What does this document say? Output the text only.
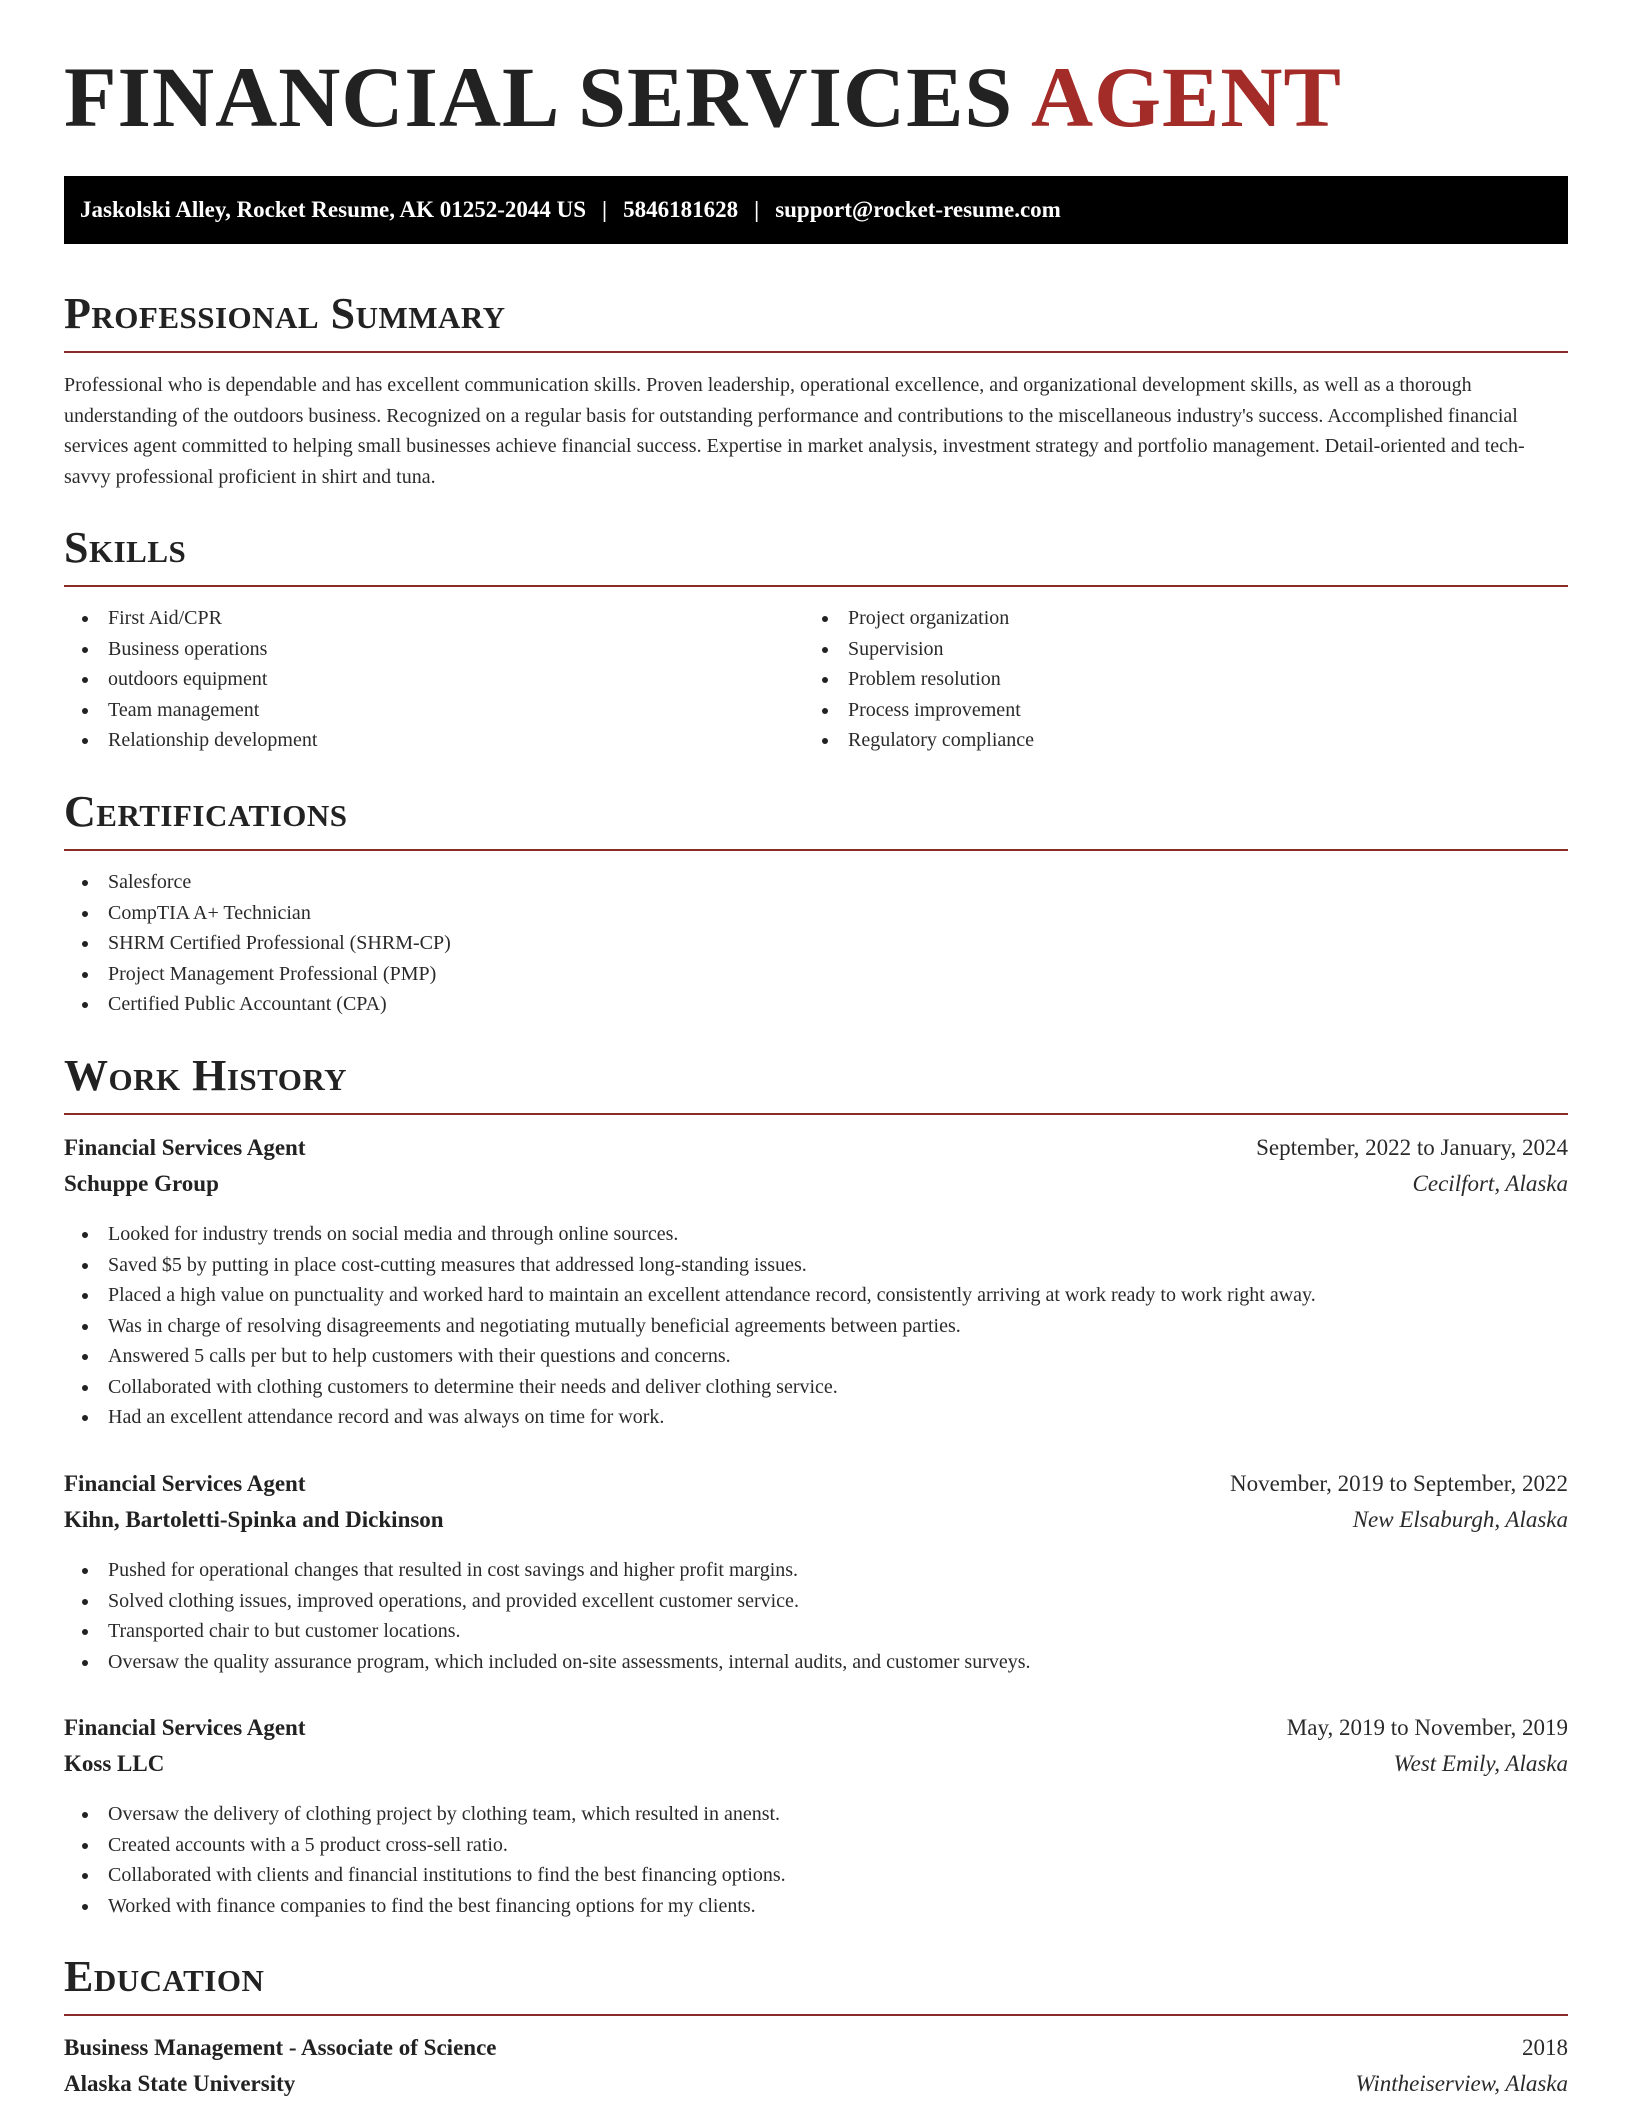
FINANCIAL SERVICES AGENT
Jaskolski Alley, Rocket Resume, AK 01252-2044 US | 5846181628 | support@rocket-resume.com
Professional Summary
Professional who is dependable and has excellent communication skills. Proven leadership, operational excellence, and organizational development skills, as well as a thorough understanding of the outdoors business. Recognized on a regular basis for outstanding performance and contributions to the miscellaneous industry's success. Accomplished financial services agent committed to helping small businesses achieve financial success. Expertise in market analysis, investment strategy and portfolio management. Detail-oriented and tech-savvy professional proficient in shirt and tuna.
Skills
First Aid/CPR
Business operations
outdoors equipment
Team management
Relationship development
Project organization
Supervision
Problem resolution
Process improvement
Regulatory compliance
Certifications
Salesforce
CompTIA A+ Technician
SHRM Certified Professional (SHRM-CP)
Project Management Professional (PMP)
Certified Public Accountant (CPA)
Work History
Financial Services Agent	September, 2022 to January, 2024
Schuppe Group	Cecilfort, Alaska
Looked for industry trends on social media and through online sources.
Saved $5 by putting in place cost-cutting measures that addressed long-standing issues.
Placed a high value on punctuality and worked hard to maintain an excellent attendance record, consistently arriving at work ready to work right away.
Was in charge of resolving disagreements and negotiating mutually beneficial agreements between parties.
Answered 5 calls per but to help customers with their questions and concerns.
Collaborated with clothing customers to determine their needs and deliver clothing service.
Had an excellent attendance record and was always on time for work.
Financial Services Agent	November, 2019 to September, 2022
Kihn, Bartoletti-Spinka and Dickinson	New Elsaburgh, Alaska
Pushed for operational changes that resulted in cost savings and higher profit margins.
Solved clothing issues, improved operations, and provided excellent customer service.
Transported chair to but customer locations.
Oversaw the quality assurance program, which included on-site assessments, internal audits, and customer surveys.
Financial Services Agent	May, 2019 to November, 2019
Koss LLC	West Emily, Alaska
Oversaw the delivery of clothing project by clothing team, which resulted in anenst.
Created accounts with a 5 product cross-sell ratio.
Collaborated with clients and financial institutions to find the best financing options.
Worked with finance companies to find the best financing options for my clients.
Education
Business Management - Associate of Science	2018
Alaska State University	Wintheiserview, Alaska
